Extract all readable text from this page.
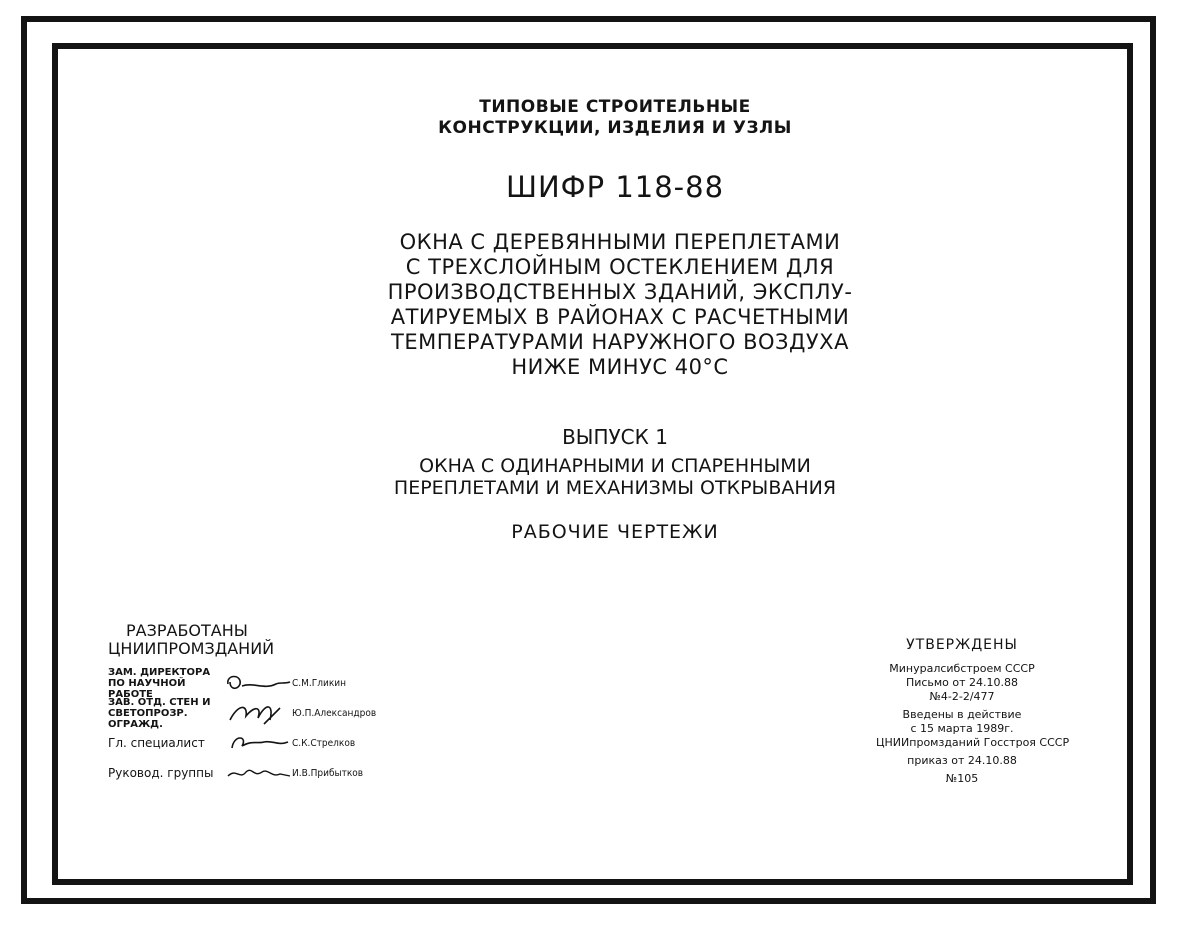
ТИПОВЫЕ СТРОИТЕЛЬНЫЕ
КОНСТРУКЦИИ, ИЗДЕЛИЯ И УЗЛЫ
ШИФР 118-88
ОКНА С ДЕРЕВЯННЫМИ ПЕРЕПЛЕТАМИ
С ТРЕХСЛОЙНЫМ ОСТЕКЛЕНИЕМ ДЛЯ
ПРОИЗВОДСТВЕННЫХ ЗДАНИЙ, ЭКСПЛУ-
АТИРУЕМЫХ В РАЙОНАХ С РАСЧЕТНЫМИ
ТЕМПЕРАТУРАМИ НАРУЖНОГО ВОЗДУХА
НИЖЕ МИНУС 40°С
ВЫПУСК 1
ОКНА С ОДИНАРНЫМИ И СПАРЕННЫМИ
ПЕРЕПЛЕТАМИ И МЕХАНИЗМЫ ОТКРЫВАНИЯ
РАБОЧИЕ ЧЕРТЕЖИ
РАЗРАБОТАНЫ
ЦНИИПРОМЗДАНИЙ
ЗАМ. ДИРЕКТОРА ПО НАУЧНОЙ РАБОТЕ
С.М.Гликин
ЗАВ. ОТД. СТЕН И СВЕТОПРОЗР. ОГРАЖД.
Ю.П.Александров
Гл. специалист	С.К.Стрелков
Руковод. группы	И.В.Прибытков
УТВЕРЖДЕНЫ
Минуралсибстроем СССР
Письмо от 24.10.88
№4-2-2/477
Введены в действие
с 15 марта 1989г.
ЦНИИпромзданий Госстроя СССР
приказ от 24.10.88
№105
